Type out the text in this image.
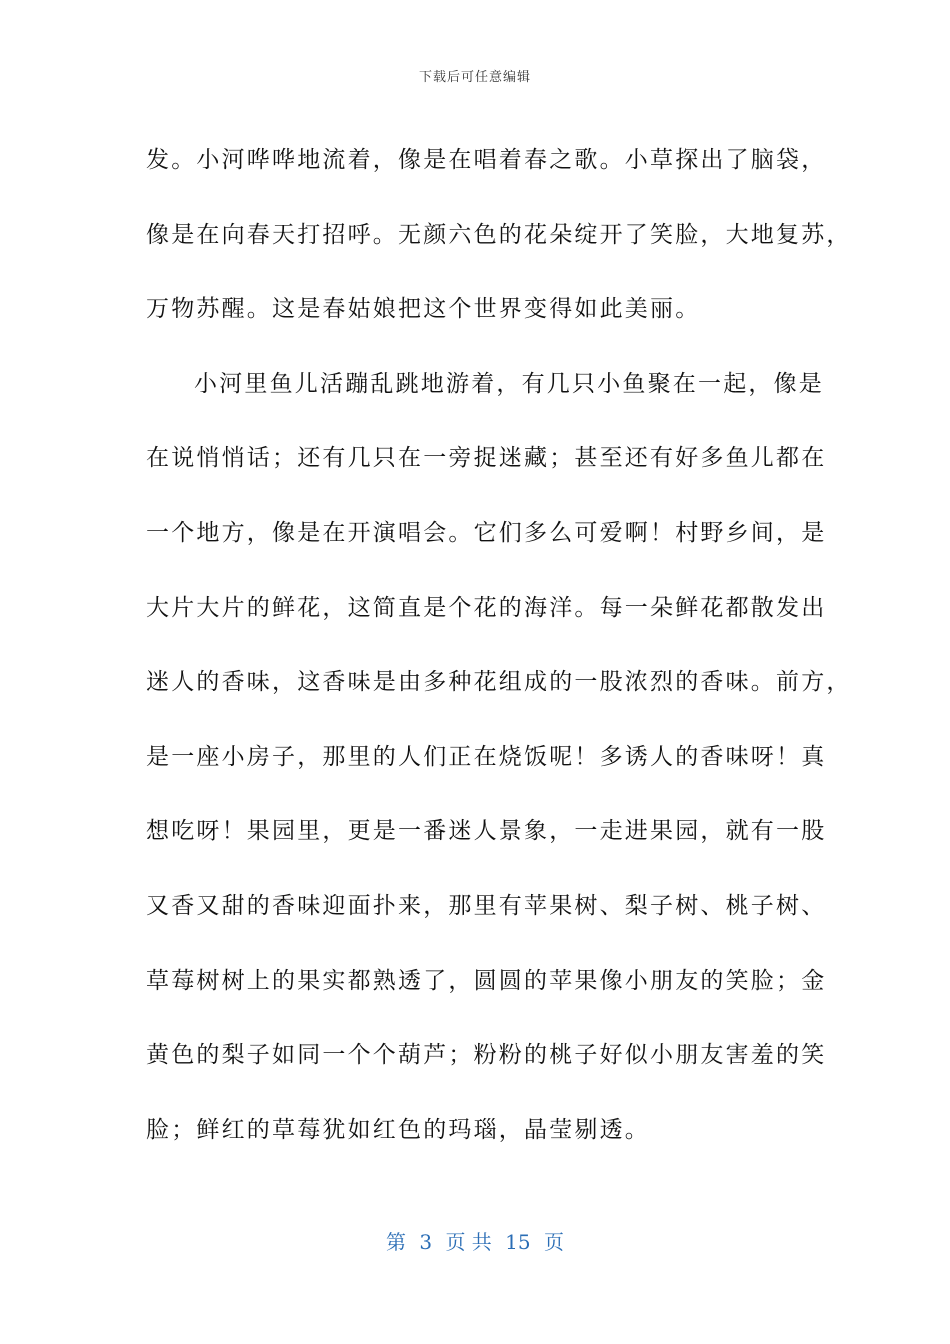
下载后可任意编辑
发。小河哗哗地流着，像是在唱着春之歌。小草探出了脑袋，
像是在向春天打招呼。无颜六色的花朵绽开了笑脸，大地复苏，
万物苏醒。这是春姑娘把这个世界变得如此美丽。
小河里鱼儿活蹦乱跳地游着，有几只小鱼聚在一起，像是
在说悄悄话；还有几只在一旁捉迷藏；甚至还有好多鱼儿都在
一个地方，像是在开演唱会。它们多么可爱啊！村野乡间，是
大片大片的鲜花，这简直是个花的海洋。每一朵鲜花都散发出
迷人的香味，这香味是由多种花组成的一股浓烈的香味。前方，
是一座小房子，那里的人们正在烧饭呢！多诱人的香味呀！真
想吃呀！果园里，更是一番迷人景象，一走进果园，就有一股
又香又甜的香味迎面扑来，那里有苹果树、梨子树、桃子树、
草莓树树上的果实都熟透了，圆圆的苹果像小朋友的笑脸；金
黄色的梨子如同一个个葫芦；粉粉的桃子好似小朋友害羞的笑
脸；鲜红的草莓犹如红色的玛瑙，晶莹剔透。
第 3 页 共 15 页
